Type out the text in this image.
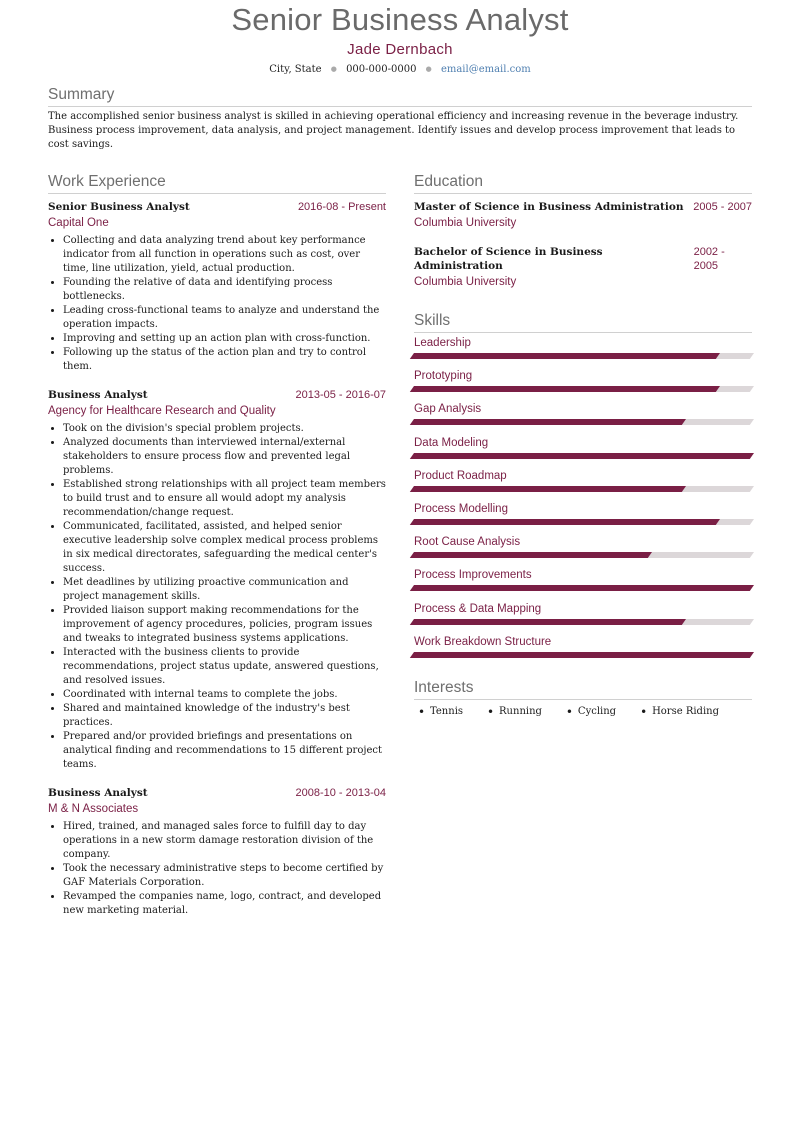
Senior Business Analyst
Jade Dernbach
City, State ● 000-000-0000 ● email@email.com
Summary

The accomplished senior business analyst is skilled in achieving operational efficiency and increasing revenue in the beverage industry. Business process improvement, data analysis, and project management. Identify issues and develop process improvement that leads to cost savings.

Work Experience
Senior Business Analyst	2016-08 - Present
Capital One
• Collecting and data analyzing trend about key performance indicator from all function in operations such as cost, over time, line utilization, yield, actual production.
• Founding the relative of data and identifying process bottlenecks.
• Leading cross-functional teams to analyze and understand the operation impacts.
• Improving and setting up an action plan with cross-function.
• Following up the status of the action plan and try to control them.
Business Analyst	2013-05 - 2016-07
Agency for Healthcare Research and Quality
• Took on the division's special problem projects.
• Analyzed documents than interviewed internal/external stakeholders to ensure process flow and prevented legal problems.
• Established strong relationships with all project team members to build trust and to ensure all would adopt my analysis recommendation/change request.
• Communicated, facilitated, assisted, and helped senior executive leadership solve complex medical process problems in six medical directorates, safeguarding the medical center's success.
• Met deadlines by utilizing proactive communication and project management skills.
• Provided liaison support making recommendations for the improvement of agency procedures, policies, program issues and tweaks to integrated business systems applications.
• Interacted with the business clients to provide recommendations, project status update, answered questions, and resolved issues.
• Coordinated with internal teams to complete the jobs.
• Shared and maintained knowledge of the industry's best practices.
• Prepared and/or provided briefings and presentations on analytical finding and recommendations to 15 different project teams.
Business Analyst	2008-10 - 2013-04
M & N Associates
• Hired, trained, and managed sales force to fulfill day to day operations in a new storm damage restoration division of the company.
• Took the necessary administrative steps to become certified by GAF Materials Corporation.
• Revamped the companies name, logo, contract, and developed new marketing material.
Education
Master of Science in Business Administration 2005 - 2007
Columbia University
Bachelor of Science in Business Administration
2002 - 2005
Columbia University
Skills
Leadership
Prototyping
Gap Analysis
Data Modeling
Product Roadmap
Process Modelling
Root Cause Analysis
Process Improvements
Process & Data Mapping
Work Breakdown Structure
Interests
• Tennis	• Running	• Cycling	• Horse Riding
